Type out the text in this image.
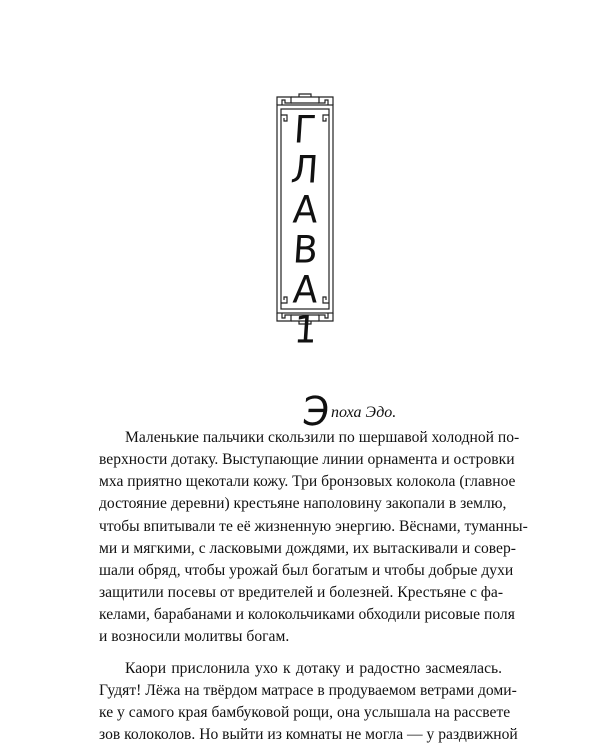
Г
Л
А
В
А
1
Э поха Эдо.
Маленькие пальчики скользили по шершавой холодной по-
верхности дотаку. Выступающие линии орнамента и островки
мха приятно щекотали кожу. Три бронзовых колокола (главное
достояние деревни) крестьяне наполовину закопали в землю,
чтобы впитывали те её жизненную энергию. Вёснами, туманны-
ми и мягкими, с ласковыми дождями, их вытаскивали и совер-
шали обряд, чтобы урожай был богатым и чтобы добрые духи
защитили посевы от вредителей и болезней. Крестьяне с фа-
келами, барабанами и колокольчиками обходили рисовые поля
и возносили молитвы богам.
Каори прислонила ухо к дотаку и радостно засмеялась.
Гудят! Лёжа на твёрдом матрасе в продуваемом ветрами доми-
ке у самого края бамбуковой рощи, она услышала на рассвете
зов колоколов. Но выйти из комнаты не могла — у раздвижной
